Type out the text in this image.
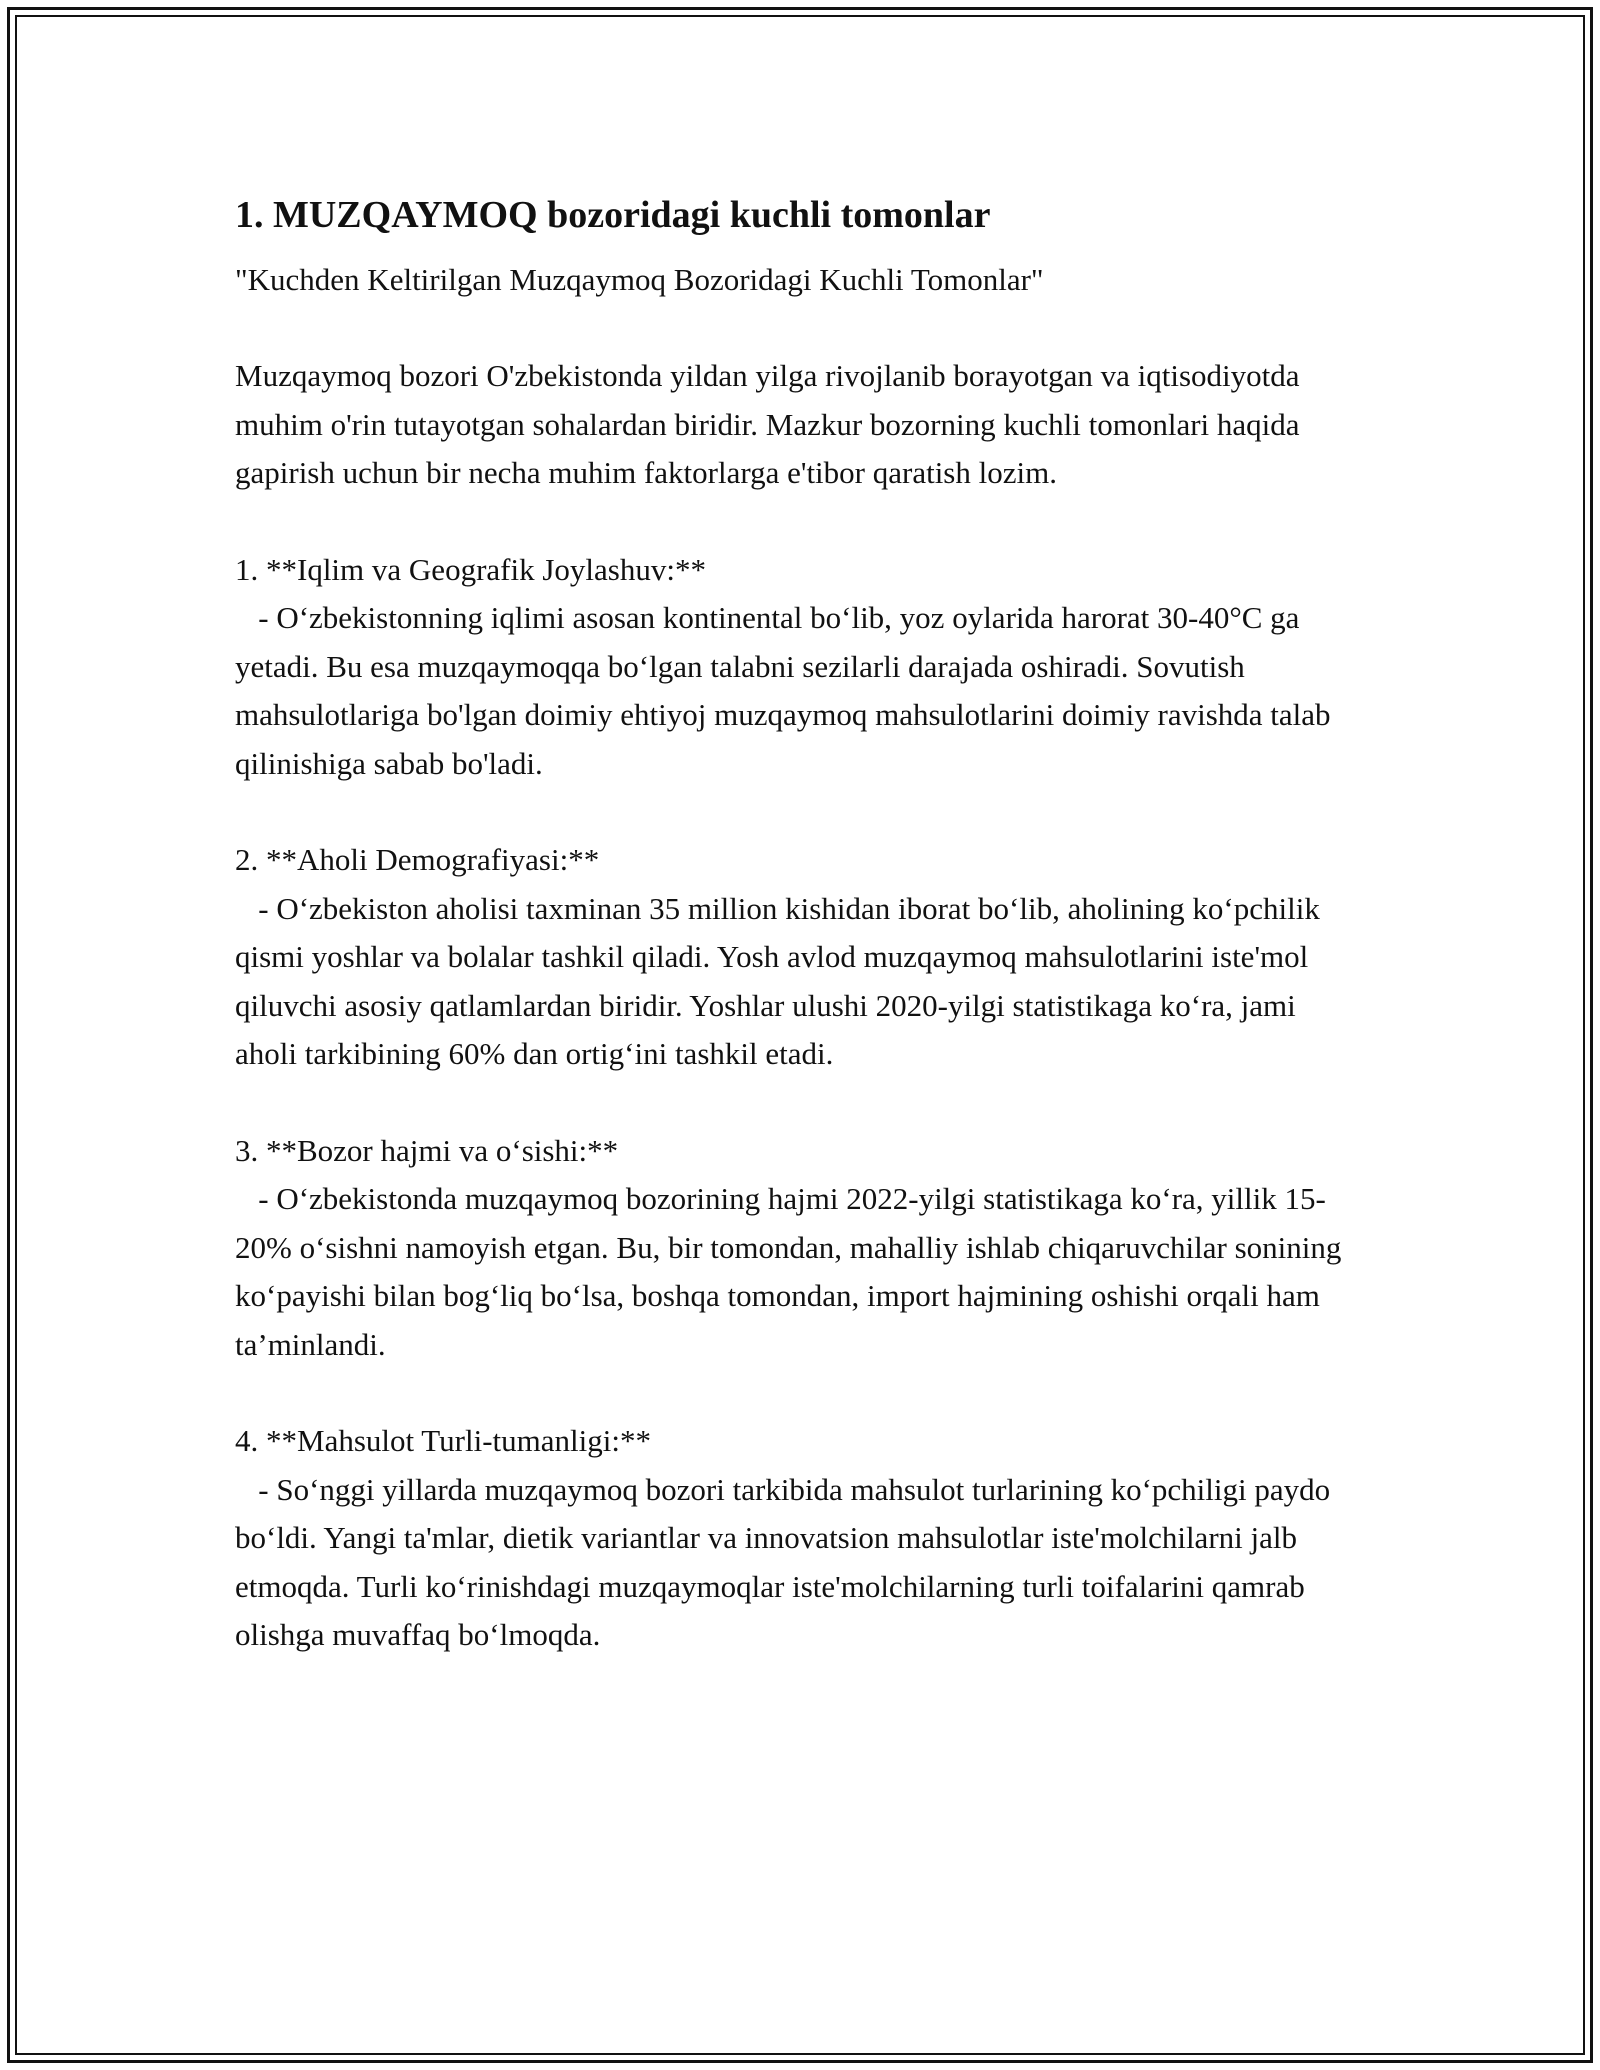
1. MUZQAYMOQ bozoridagi kuchli tomonlar

"Kuchden Keltirilgan Muzqaymoq Bozoridagi Kuchli Tomonlar"

Muzqaymoq bozori O'zbekistonda yildan yilga rivojlanib borayotgan va iqtisodiyotda muhim o'rin tutayotgan sohalardan biridir. Mazkur bozorning kuchli tomonlari haqida gapirish uchun bir necha muhim faktorlarga e'tibor qaratish lozim.

1. **Iqlim va Geografik Joylashuv:**
- O‘zbekistonning iqlimi asosan kontinental bo‘lib, yoz oylarida harorat 30-40°C ga yetadi. Bu esa muzqaymoqqa bo‘lgan talabni sezilarli darajada oshiradi. Sovutish mahsulotlariga bo'lgan doimiy ehtiyoj muzqaymoq mahsulotlarini doimiy ravishda talab qilinishiga sabab bo'ladi.
2. **Aholi Demografiyasi:**
- O‘zbekiston aholisi taxminan 35 million kishidan iborat bo‘lib, aholining ko‘pchilik qismi yoshlar va bolalar tashkil qiladi. Yosh avlod muzqaymoq mahsulotlarini iste'mol qiluvchi asosiy qatlamlardan biridir. Yoshlar ulushi 2020-yilgi statistikaga ko‘ra, jami aholi tarkibining 60% dan ortig‘ini tashkil etadi.
3. **Bozor hajmi va o‘sishi:**
- O‘zbekistonda muzqaymoq bozorining hajmi 2022-yilgi statistikaga ko‘ra, yillik 15-20% o‘sishni namoyish etgan. Bu, bir tomondan, mahalliy ishlab chiqaruvchilar sonining ko‘payishi bilan bog‘liq bo‘lsa, boshqa tomondan, import hajmining oshishi orqali ham ta’minlandi.
4. **Mahsulot Turli-tumanligi:**
- So‘nggi yillarda muzqaymoq bozori tarkibida mahsulot turlarining ko‘pchiligi paydo bo‘ldi. Yangi ta'mlar, dietik variantlar va innovatsion mahsulotlar iste'molchilarni jalb etmoqda. Turli ko‘rinishdagi muzqaymoqlar iste'molchilarning turli toifalarini qamrab olishga muvaffaq bo‘lmoqda.
